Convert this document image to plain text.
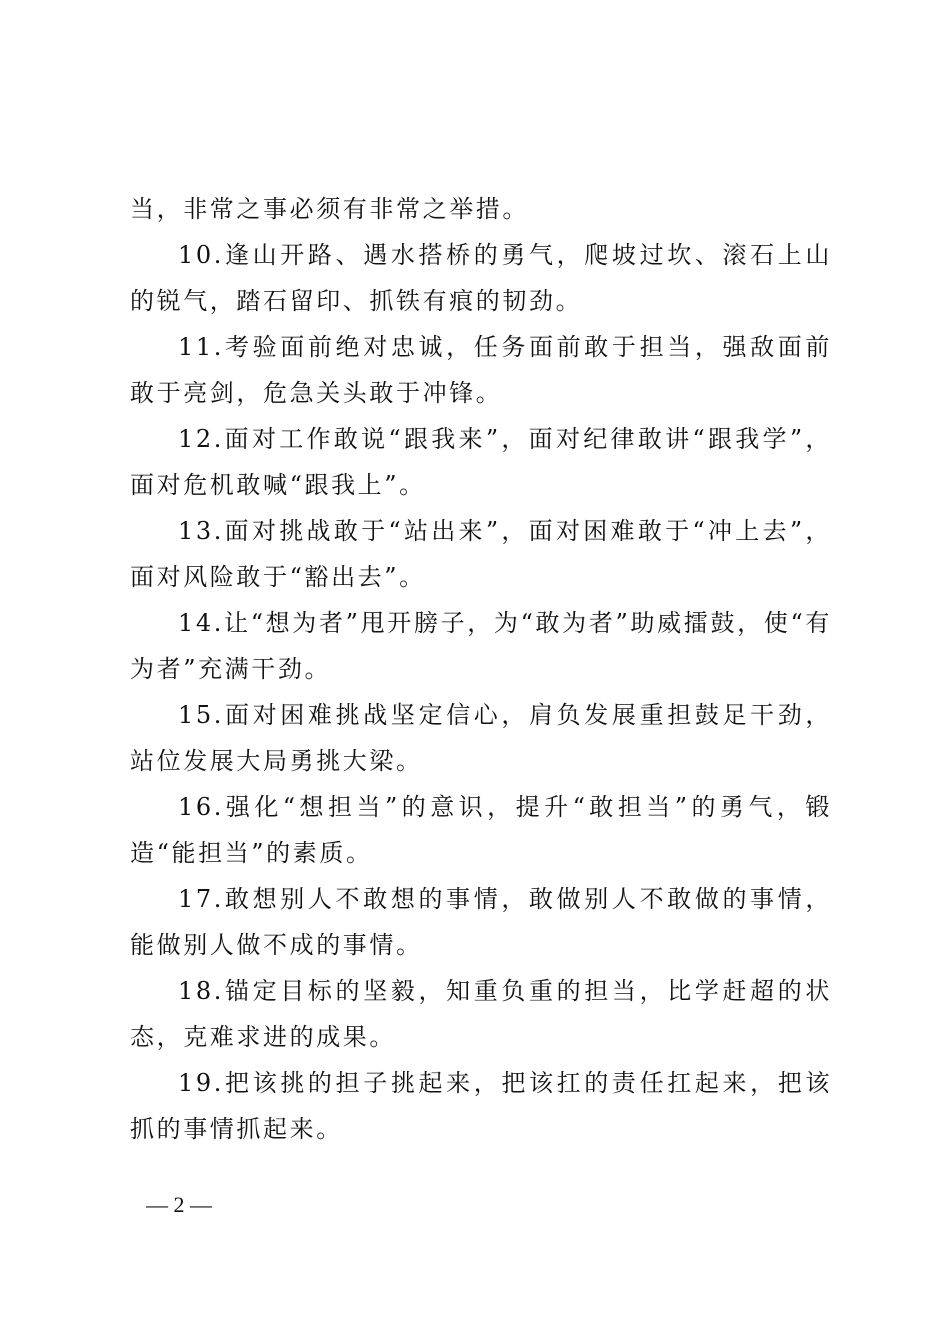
当，非常之事必须有非常之举措。

10.逢山开路、遇水搭桥的勇气，爬坡过坎、滚石上山的锐气，踏石留印、抓铁有痕的韧劲。

11.考验面前绝对忠诚，任务面前敢于担当，强敌面前敢于亮剑，危急关头敢于冲锋。

12.面对工作敢说“跟我来”，面对纪律敢讲“跟我学”，面对危机敢喊“跟我上”。

13.面对挑战敢于“站出来”，面对困难敢于“冲上去”，面对风险敢于“豁出去”。

14.让“想为者”甩开膀子，为“敢为者”助威擂鼓，使“有为者”充满干劲。

15.面对困难挑战坚定信心，肩负发展重担鼓足干劲，站位发展大局勇挑大梁。

16.强化“想担当”的意识，提升“敢担当”的勇气，锻造“能担当”的素质。

17.敢想别人不敢想的事情，敢做别人不敢做的事情，能做别人做不成的事情。

18.锚定目标的坚毅，知重负重的担当，比学赶超的状态，克难求进的成果。

19.把该挑的担子挑起来，把该扛的责任扛起来，把该抓的事情抓起来。

— 2 —
